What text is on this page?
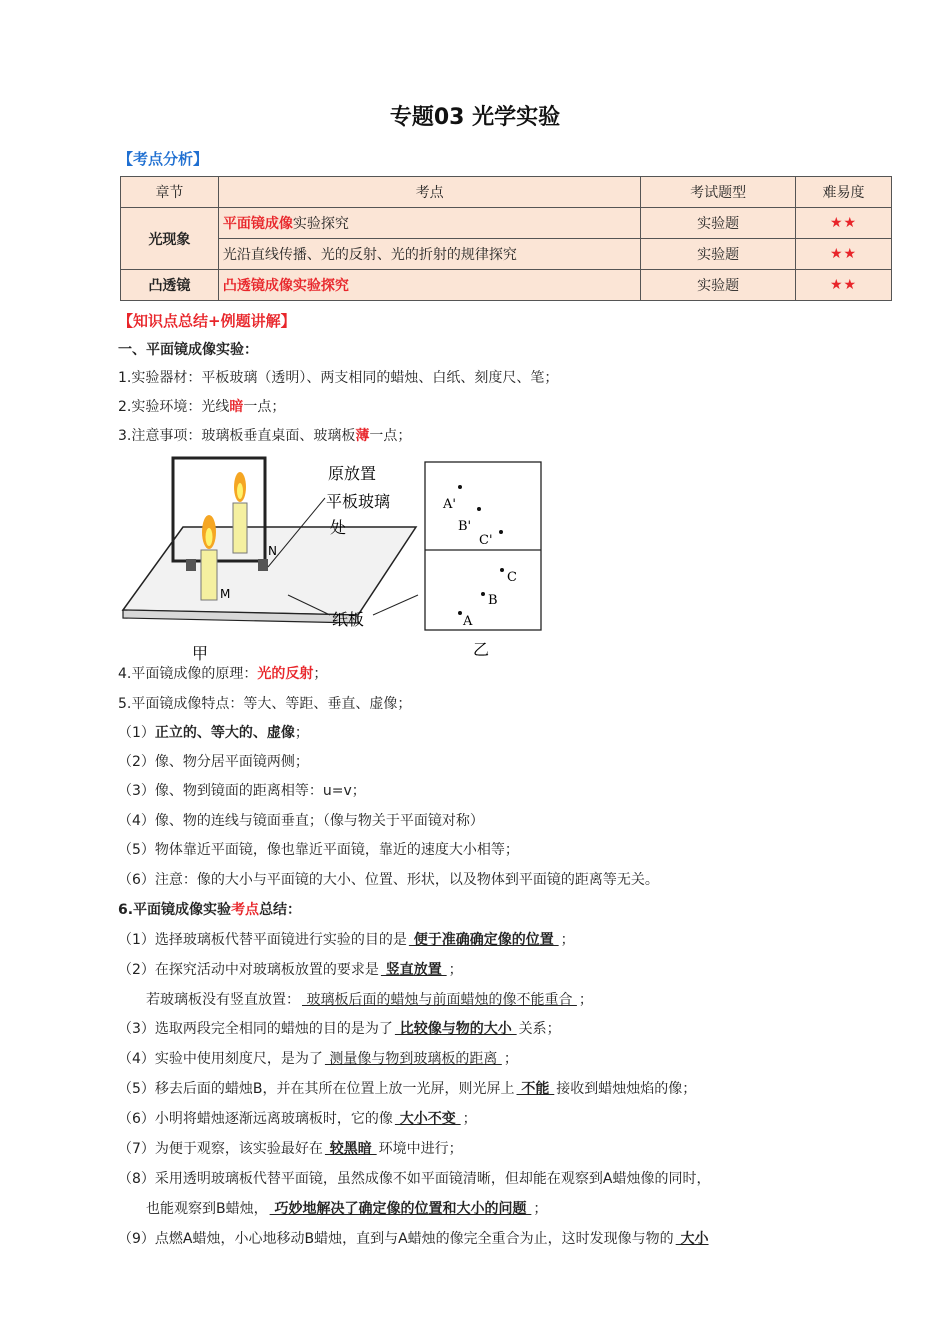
专题03 光学实验
【考点分析】
章节	考点	考试题型	难易度
光现象	平面镜成像实验探究	实验题	★★
	光沿直线传播、光的反射、光的折射的规律探究	实验题	★★
凸透镜	凸透镜成像实验探究	实验题	★★
【知识点总结+例题讲解】
一、平面镜成像实验：
1.实验器材：平板玻璃（透明）、两支相同的蜡烛、白纸、刻度尺、笔；
2.实验环境：光线暗一点；
3.注意事项：玻璃板垂直桌面、玻璃板薄一点；
N
M
甲
原放置
平板玻璃
处
纸板
A'
B'
C'
C
B
A
乙
4.平面镜成像的原理：光的反射；
5.平面镜成像特点：等大、等距、垂直、虚像；
（1）正立的、等大的、虚像；
（2）像、物分居平面镜两侧；
（3）像、物到镜面的距离相等：u=v；
（4）像、物的连线与镜面垂直；（像与物关于平面镜对称）
（5）物体靠近平面镜，像也靠近平面镜，靠近的速度大小相等；
（6）注意：像的大小与平面镜的大小、位置、形状，以及物体到平面镜的距离等无关。
6.平面镜成像实验考点总结：
（1）选择玻璃板代替平面镜进行实验的目的是 便于准确确定像的位置 ；
（2）在探究活动中对玻璃板放置的要求是 竖直放置 ；
若玻璃板没有竖直放置： 玻璃板后面的蜡烛与前面蜡烛的像不能重合 ；
（3）选取两段完全相同的蜡烛的目的是为了 比较像与物的大小 关系；
（4）实验中使用刻度尺，是为了 测量像与物到玻璃板的距离 ；
（5）移去后面的蜡烛B，并在其所在位置上放一光屏，则光屏上 不能 接收到蜡烛烛焰的像；
（6）小明将蜡烛逐渐远离玻璃板时，它的像 大小不变 ；
（7）为便于观察，该实验最好在 较黑暗 环境中进行；
（8）采用透明玻璃板代替平面镜，虽然成像不如平面镜清晰，但却能在观察到A蜡烛像的同时，
也能观察到B蜡烛， 巧妙地解决了确定像的位置和大小的问题 ；
（9）点燃A蜡烛，小心地移动B蜡烛，直到与A蜡烛的像完全重合为止，这时发现像与物的 大小
